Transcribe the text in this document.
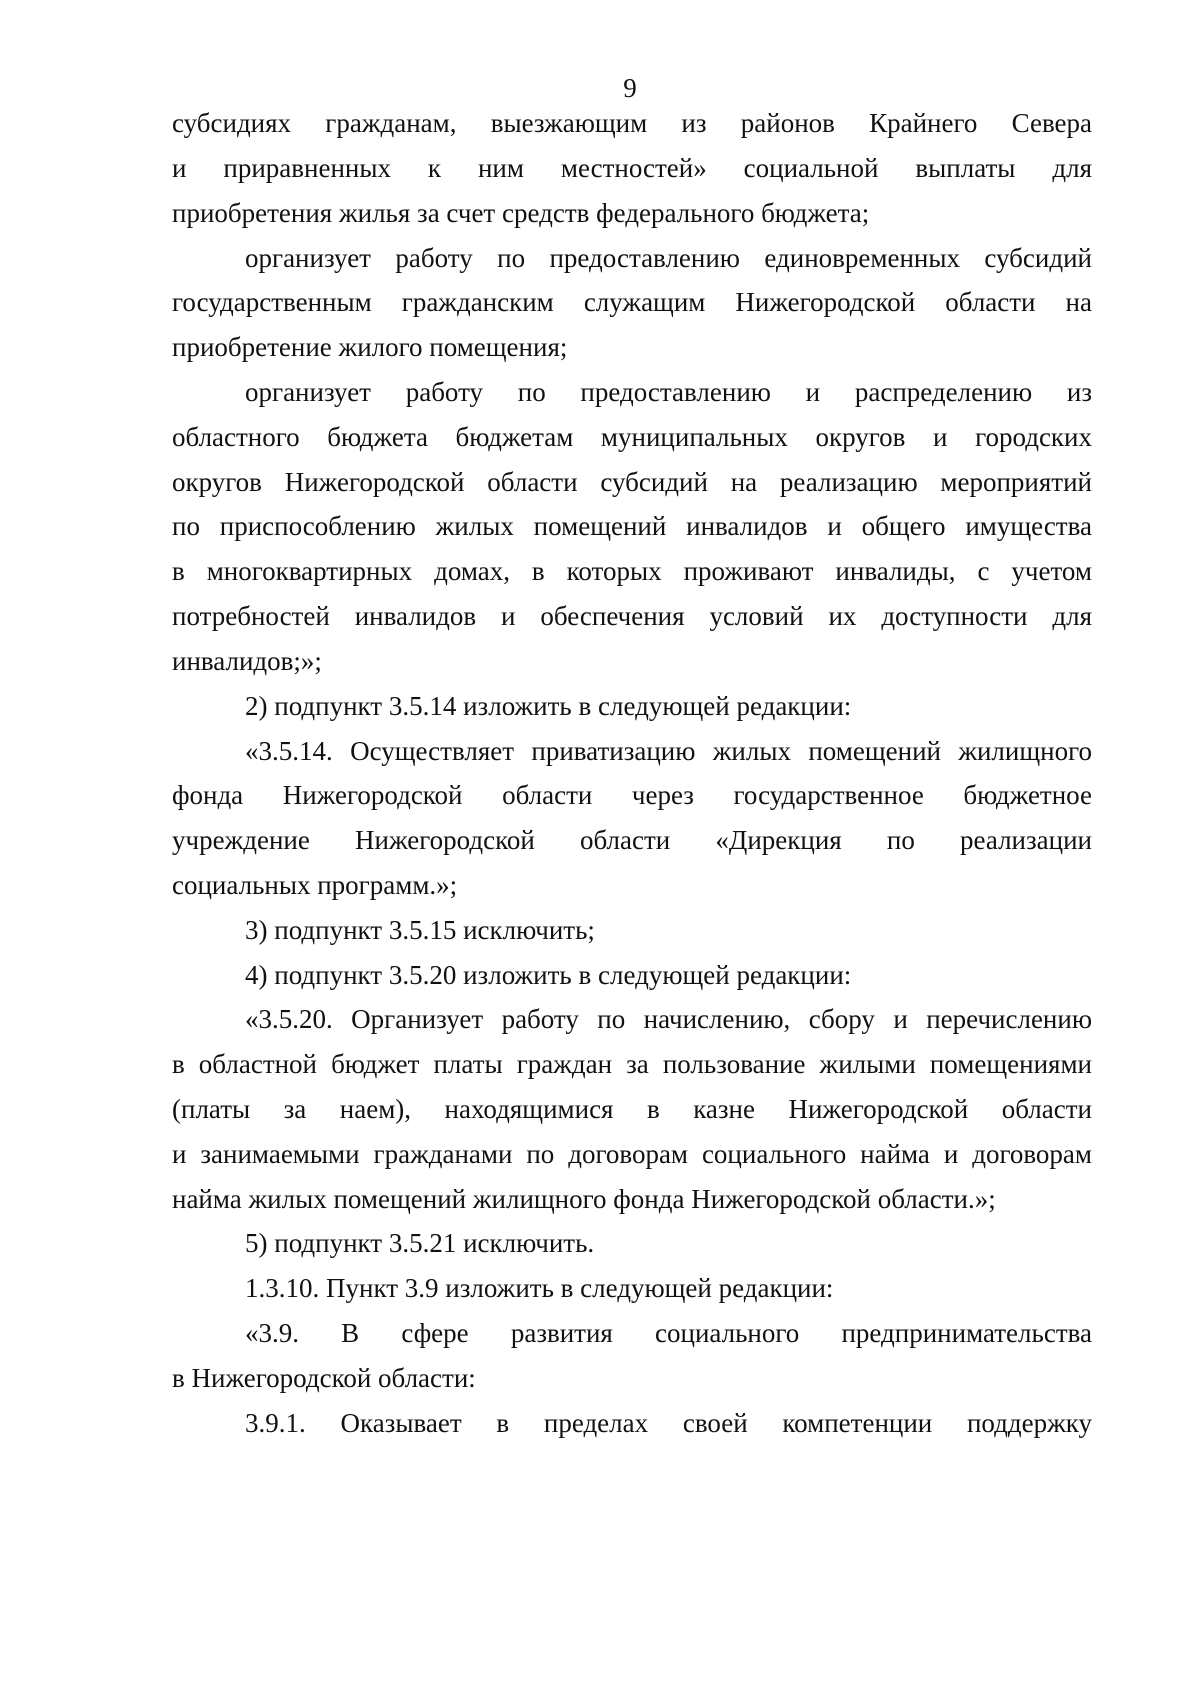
9

субсидиях гражданам, выезжающим из районов Крайнего Севера

и приравненных к ним местностей» социальной выплаты для

приобретения жилья за счет средств федерального бюджета;

организует работу по предоставлению единовременных субсидий

государственным гражданским служащим Нижегородской области на

приобретение жилого помещения;

организует работу по предоставлению и распределению из

областного бюджета бюджетам муниципальных округов и городских

округов Нижегородской области субсидий на реализацию мероприятий

по приспособлению жилых помещений инвалидов и общего имущества

в многоквартирных домах, в которых проживают инвалиды, с учетом

потребностей инвалидов и обеспечения условий их доступности для

инвалидов;»;

2) подпункт 3.5.14 изложить в следующей редакции:

«3.5.14. Осуществляет приватизацию жилых помещений жилищного

фонда Нижегородской области через государственное бюджетное

учреждение Нижегородской области «Дирекция по реализации

социальных программ.»;

3) подпункт 3.5.15 исключить;

4) подпункт 3.5.20 изложить в следующей редакции:

«3.5.20. Организует работу по начислению, сбору и перечислению

в областной бюджет платы граждан за пользование жилыми помещениями

(платы за наем), находящимися в казне Нижегородской области

и занимаемыми гражданами по договорам социального найма и договорам

найма жилых помещений жилищного фонда Нижегородской области.»;

5) подпункт 3.5.21 исключить.

1.3.10. Пункт 3.9 изложить в следующей редакции:

«3.9. В сфере развития социального предпринимательства

в Нижегородской области:

3.9.1. Оказывает в пределах своей компетенции поддержку
